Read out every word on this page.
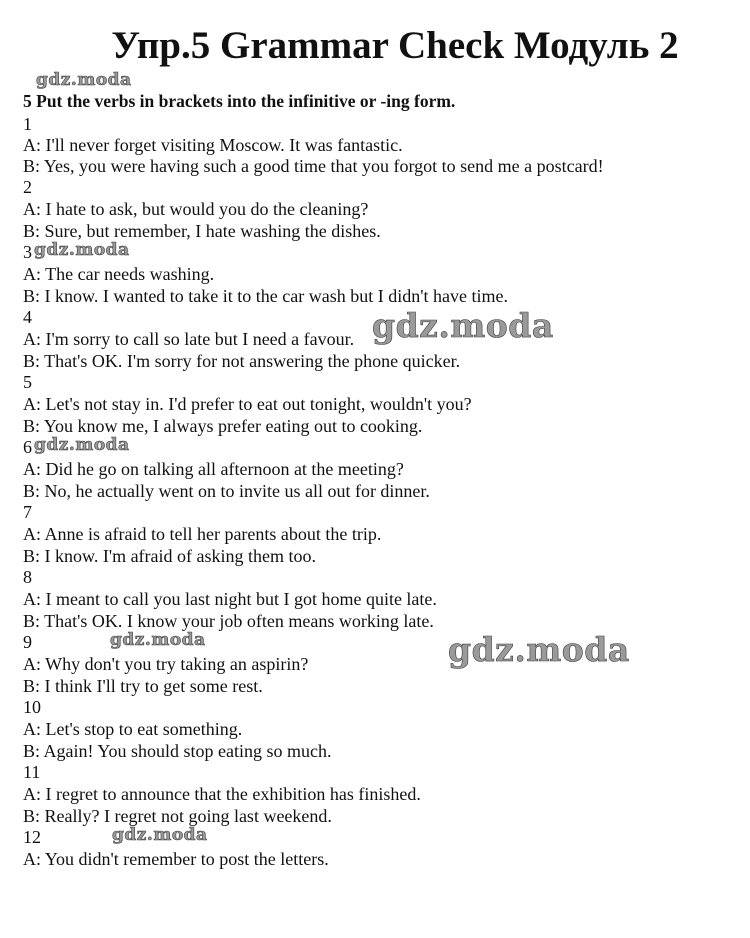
Упр.5 Grammar Check Модуль 2
gdz.moda
5 Put the verbs in brackets into the infinitive or -ing form.
1
A: I'll never forget visiting Moscow. It was fantastic.
B: Yes, you were having such a good time that you forgot to send me a postcard!
2
A: I hate to ask, but would you do the cleaning?
B: Sure, but remember, I hate washing the dishes.
3 gdz.moda
A: The car needs washing.
B: I know. I wanted to take it to the car wash but I didn't have time.
4
A: I'm sorry to call so late but I need a favour. gdz.moda
B: That's OK. I'm sorry for not answering the phone quicker.
5
A: Let's not stay in. I'd prefer to eat out tonight, wouldn't you?
B: You know me, I always prefer eating out to cooking.
6 gdz.moda
A: Did he go on talking all afternoon at the meeting?
B: No, he actually went on to invite us all out for dinner.
7
A: Anne is afraid to tell her parents about the trip.
B: I know. I'm afraid of asking them too.
8
A: I meant to call you last night but I got home quite late.
B: That's OK. I know your job often means working late.
9	gdz.moda	gdz.moda
A: Why don't you try taking an aspirin?
B: I think I'll try to get some rest.
10
A: Let's stop to eat something.
B: Again! You should stop eating so much.
11
A: I regret to announce that the exhibition has finished.
B: Really? I regret not going last weekend.
12	gdz.moda
A: You didn't remember to post the letters.
